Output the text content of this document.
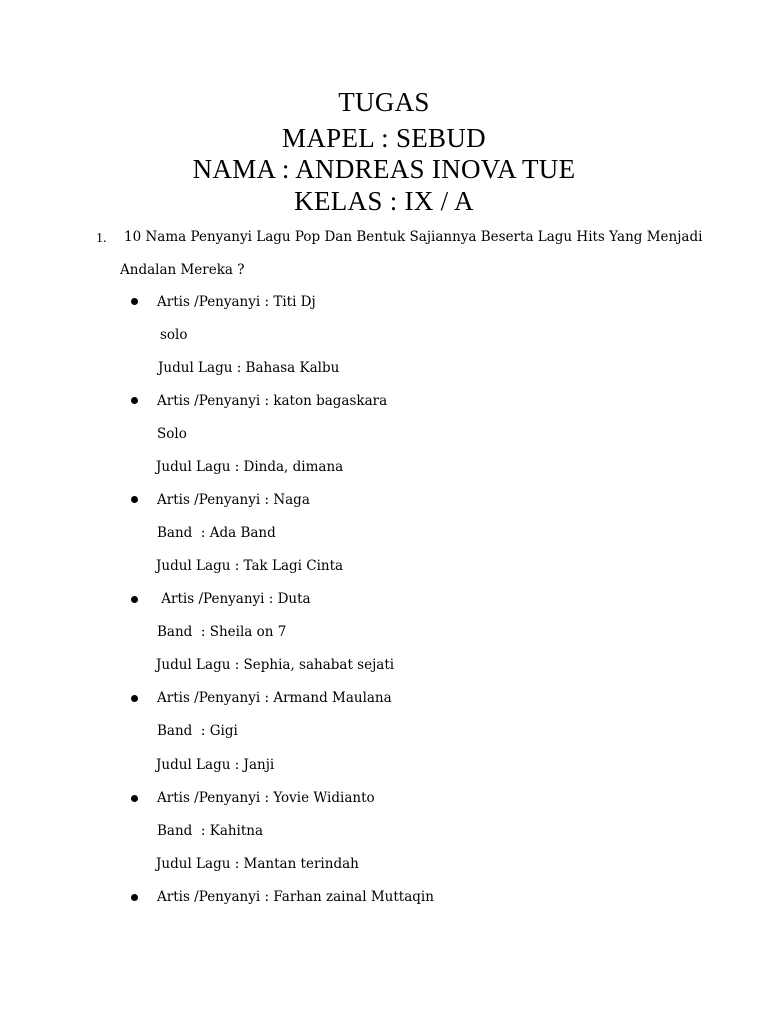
TUGAS
MAPEL : SEBUD
NAMA : ANDREAS INOVA TUE
KELAS : IX / A
1. 10 Nama Penyanyi Lagu Pop Dan Bentuk Sajiannya Beserta Lagu Hits Yang Menjadi
Andalan Mereka ?
Artis /Penyanyi : Titi Dj
solo
Judul Lagu : Bahasa Kalbu
Artis /Penyanyi : katon bagaskara
Solo
Judul Lagu : Dinda, dimana
Artis /Penyanyi : Naga
Band  : Ada Band
Judul Lagu : Tak Lagi Cinta
Artis /Penyanyi : Duta
Band  : Sheila on 7
Judul Lagu : Sephia, sahabat sejati
Artis /Penyanyi : Armand Maulana
Band  : Gigi
Judul Lagu : Janji
Artis /Penyanyi : Yovie Widianto
Band  : Kahitna
Judul Lagu : Mantan terindah
Artis /Penyanyi : Farhan zainal Muttaqin
